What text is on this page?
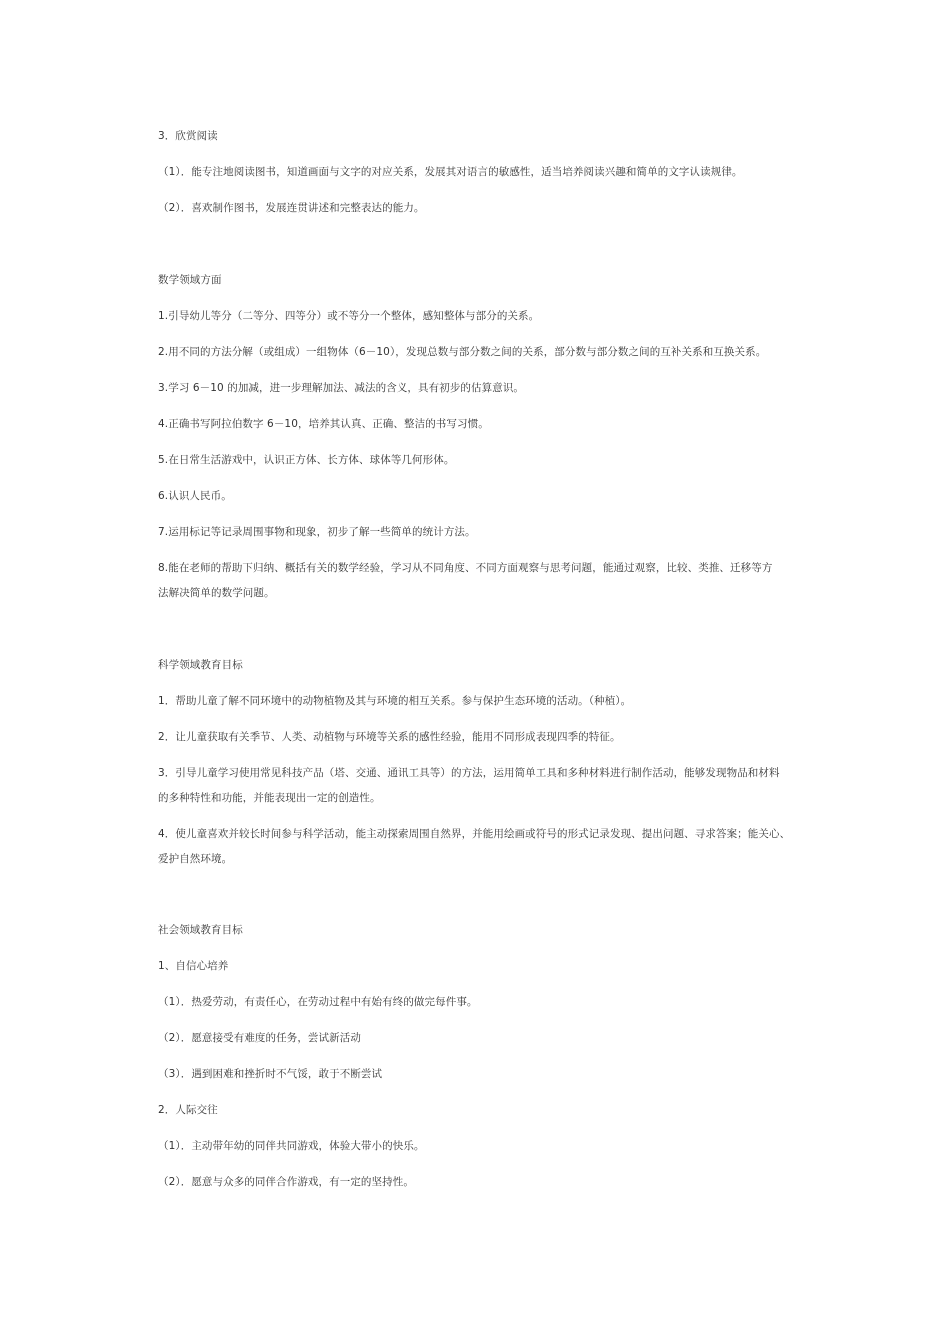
3．欣赏阅读
（1）．能专注地阅读图书，知道画面与文字的对应关系，发展其对语言的敏感性，适当培养阅读兴趣和简单的文字认读规律。
（2）．喜欢制作图书，发展连贯讲述和完整表达的能力。
数学领域方面
1.引导幼儿等分（二等分、四等分）或不等分一个整体，感知整体与部分的关系。
2.用不同的方法分解（或组成）一组物体（6－10），发现总数与部分数之间的关系，部分数与部分数之间的互补关系和互换关系。
3.学习 6－10 的加减，进一步理解加法、减法的含义，具有初步的估算意识。
4.正确书写阿拉伯数字 6－10，培养其认真、正确、整洁的书写习惯。
5.在日常生活游戏中，认识正方体、长方体、球体等几何形体。
6.认识人民币。
7.运用标记等记录周围事物和现象，初步了解一些简单的统计方法。
8.能在老师的帮助下归纳、概括有关的数学经验，学习从不同角度、不同方面观察与思考问题，能通过观察，比较、类推、迁移等方
法解决简单的数学问题。
科学领域教育目标
1．帮助儿童了解不同环境中的动物植物及其与环境的相互关系。参与保护生态环境的活动。（种植）。
2．让儿童获取有关季节、人类、动植物与环境等关系的感性经验，能用不同形成表现四季的特征。
3．引导儿童学习使用常见科技产品（塔、交通、通讯工具等）的方法，运用简单工具和多种材料进行制作活动，能够发现物品和材料
的多种特性和功能，并能表现出一定的创造性。
4．使儿童喜欢并较长时间参与科学活动，能主动探索周围自然界，并能用绘画或符号的形式记录发现、提出问题、寻求答案；能关心、
爱护自然环境。
社会领域教育目标
1、自信心培养
（1）．热爱劳动，有责任心，在劳动过程中有始有终的做完每件事。
（2）．愿意接受有难度的任务，尝试新活动
（3）．遇到困难和挫折时不气馁，敢于不断尝试
2．人际交往
（1）．主动带年幼的同伴共同游戏，体验大带小的快乐。
（2）．愿意与众多的同伴合作游戏，有一定的坚持性。
